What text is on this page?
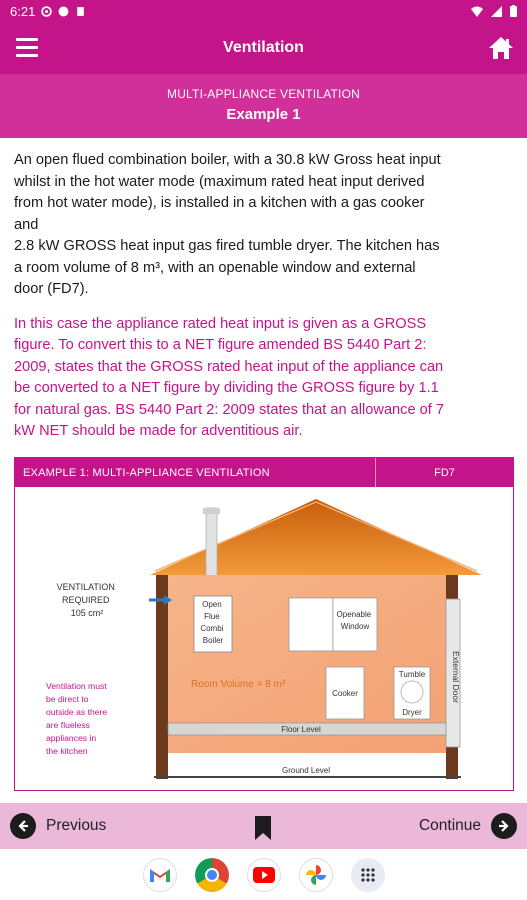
6:21
Ventilation
MULTI-APPLIANCE VENTILATION
Example 1
An open flued combination boiler, with a 30.8 kW Gross heat input
whilst in the hot water mode (maximum rated heat input derived
from hot water mode), is installed in a kitchen with a gas cooker
and
2.8 kW GROSS heat input gas fired tumble dryer. The kitchen has
a room volume of 8 m³, with an openable window and external
door (FD7).
In this case the appliance rated heat input is given as a GROSS
figure. To convert this to a NET figure amended BS 5440 Part 2:
2009, states that the GROSS rated heat input of the appliance can
be converted to a NET figure by dividing the GROSS figure by 1.1
for natural gas. BS 5440 Part 2: 2009 states that an allowance of 7
kW NET should be made for adventitious air.
EXAMPLE 1: MULTI-APPLIANCE VENTILATION	FD7
External Door
Open Flue Combi Boiler
Openable Window
Room Volume = 8 m³
Cooker
Tumble
Dryer
Floor Level
Ground Level
VENTILATION REQUIRED 105 cm²
Ventilation must be direct to outside as there are flueless appliances in the kitchen
Previous	Continue
